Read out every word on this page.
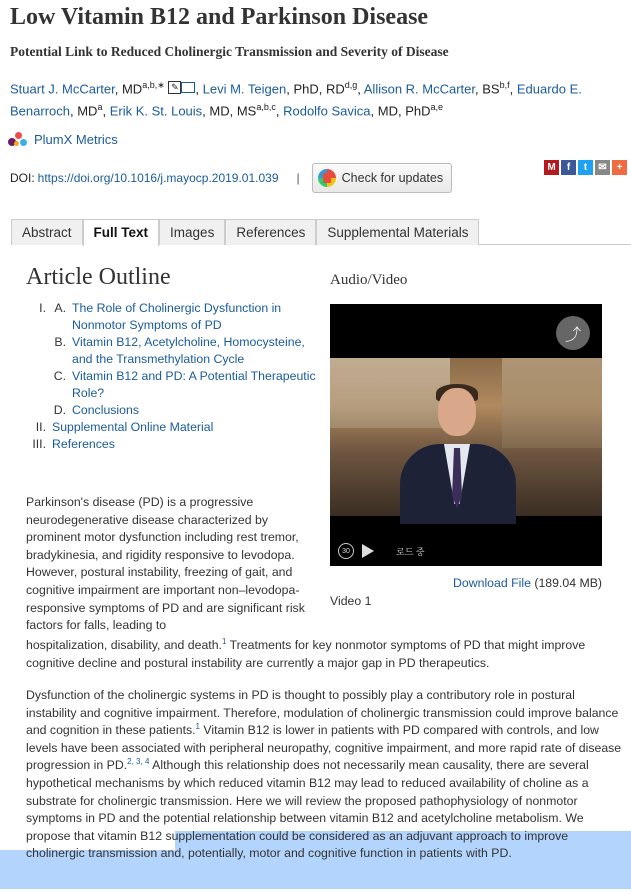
Low Vitamin B12 and Parkinson Disease
Potential Link to Reduced Cholinergic Transmission and Severity of Disease
Stuart J. McCarter, $MD^{a,b,∗}$ ✎ , Levi M. Teigen, PhD, RD$^{d,g}$, Allison R. McCarter, BS$^{b,f}$, Eduardo E. Benarroch, $MD^a$, Erik K. St. Louis, MD, MS$^{a,b,c}$, Rodolfo Savica, MD, PhD$^{a,e}$
PlumX Metrics
DOI: https://doi.org/10.1016/j.mayocp.2019.01.039 |	Check for updates
M	f	t	✉ +
Abstract	Full Text	Images	References	Supplemental Materials
Article Outline
I. A. The Role of Cholinergic Dysfunction in Nonmotor Symptoms of PD
B. Vitamin B12, Acetylcholine, Homocysteine, and the Transmethylation Cycle
C. Vitamin B12 and PD: A Potential Therapeutic Role?
D. Conclusions
II. Supplemental Online Material
III. References
Audio/Video
⤴
30	로드 중
Download File (189.04 MB)
Video 1
Parkinson's disease (PD) is a progressive neurodegenerative disease characterized by prominent motor dysfunction including rest tremor, bradykinesia, and rigidity responsive to levodopa. However, postural instability, freezing of gait, and cognitive impairment are important non–levodopa-responsive symptoms of PD and are significant risk factors for falls, leading to
hospitalization, disability, and death.$^1$ Treatments for key nonmotor symptoms of PD that might improve cognitive decline and postural instability are currently a major gap in PD therapeutics.
Dysfunction of the cholinergic systems in PD is thought to possibly play a contributory role in postural instability and cognitive impairment. Therefore, modulation of cholinergic transmission could improve balance and cognition in these patients.$^1$ Vitamin B12 is lower in patients with PD compared with controls, and low levels have been associated with peripheral neuropathy, cognitive impairment, and more rapid rate of disease progression in PD.$^{2, 3, 4}$ Although this relationship does not necessarily mean causality, there are several hypothetical mechanisms by which reduced vitamin B12 may lead to reduced availability of choline as a substrate for cholinergic transmission. Here we will review the proposed pathophysiology of nonmotor symptoms in PD and the potential relationship between vitamin B12 and acetylcholine metabolism. We propose that vitamin B12 supplementation could be considered as an adjuvant approach to improve cholinergic transmission and, potentially, motor and cognitive function in patients with PD.
